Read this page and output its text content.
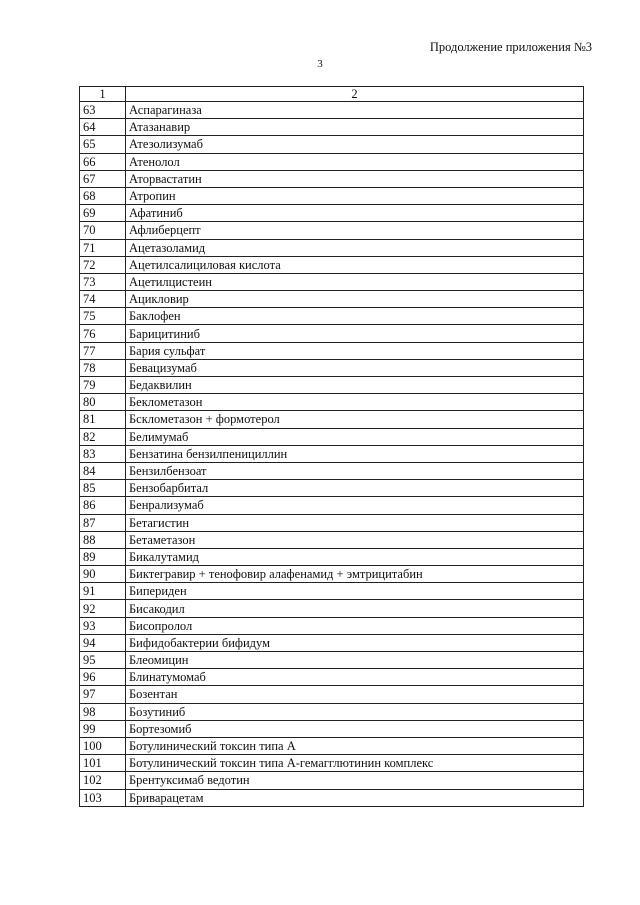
Продолжение приложения №3
3
1	2
63	Аспарагиназа
64	Атазанавир
65	Атезолизумаб
66	Атенолол
67	Аторвастатин
68	Атропин
69	Афатиниб
70	Афлиберцепт
71	Ацетазоламид
72	Ацетилсалициловая кислота
73	Ацетилцистеин
74	Ацикловир
75	Баклофен
76	Барицитиниб
77	Бария сульфат
78	Бевацизумаб
79	Бедаквилин
80	Беклометазон
81	Бсклометазон + формотерол
82	Белимумаб
83	Бензатина бензилпенициллин
84	Бензилбензоат
85	Бензобарбитал
86	Бенрализумаб
87	Бетагистин
88	Бетаметазон
89	Бикалутамид
90	Биктегравир + тенофовир алафенамид + эмтрицитабин
91	Бипериден
92	Бисакодил
93	Бисопролол
94	Бифидобактерии бифидум
95	Блеомицин
96	Блинатумомаб
97	Бозентан
98	Бозутиниб
99	Бортезомиб
100	Ботулинический токсин типа А
101	Ботулинический токсин типа А-гемагглютинин комплекс
102	Брентуксимаб ведотин
103	Бриварацетам
